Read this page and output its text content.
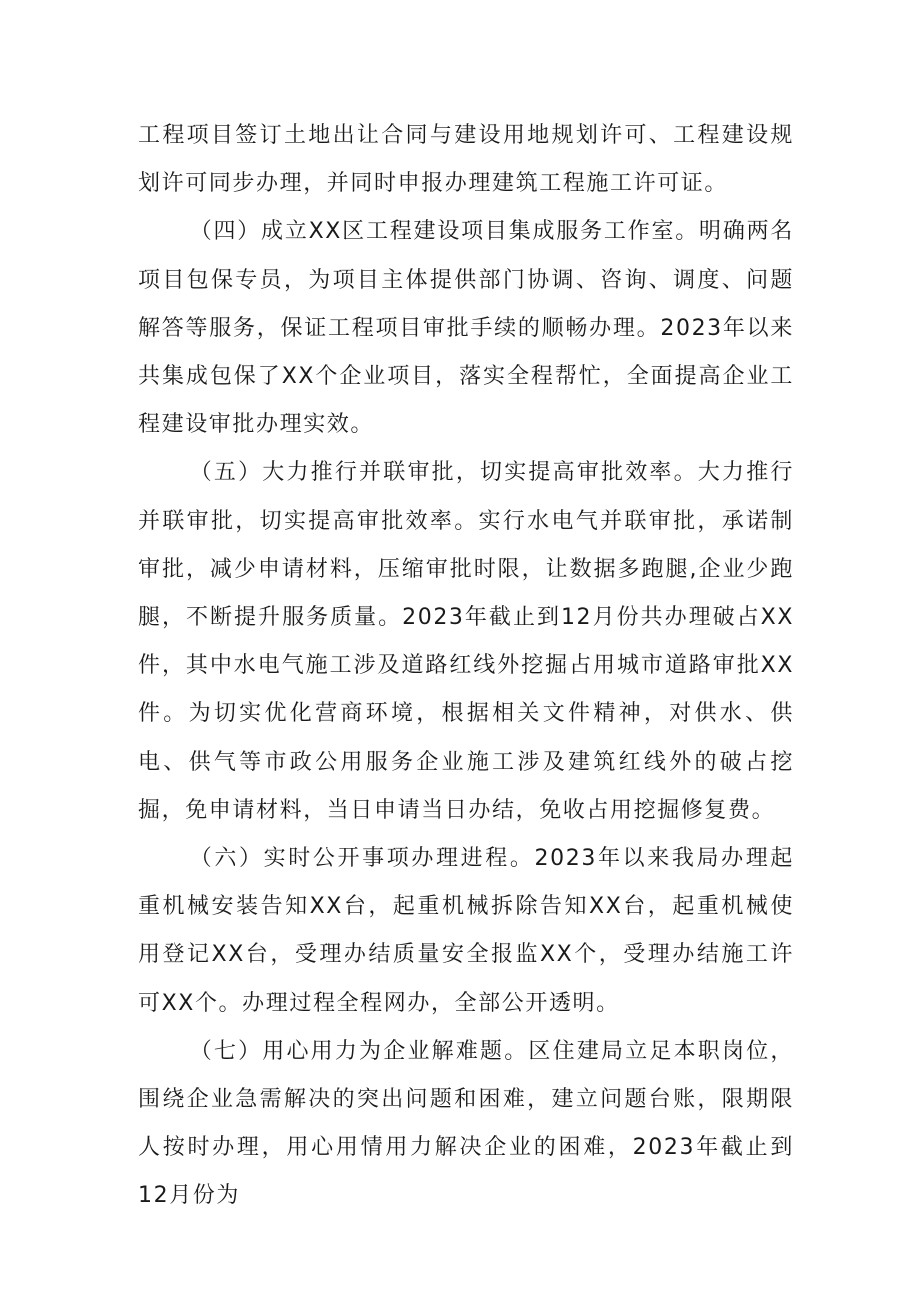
工程项目签订土地出让合同与建设用地规划许可、工程建设规划许可同步办理，并同时申报办理建筑工程施工许可证。

（四）成立XX区工程建设项目集成服务工作室。明确两名项目包保专员，为项目主体提供部门协调、咨询、调度、问题解答等服务，保证工程项目审批手续的顺畅办理。2023年以来共集成包保了XX个企业项目，落实全程帮忙，全面提高企业工程建设审批办理实效。

（五）大力推行并联审批，切实提高审批效率。大力推行并联审批，切实提高审批效率。实行水电气并联审批，承诺制审批，减少申请材料，压缩审批时限，让数据多跑腿,企业少跑腿，不断提升服务质量。2023年截止到12月份共办理破占XX件，其中水电气施工涉及道路红线外挖掘占用城市道路审批XX件。为切实优化营商环境，根据相关文件精神，对供水、供电、供气等市政公用服务企业施工涉及建筑红线外的破占挖掘，免申请材料，当日申请当日办结，免收占用挖掘修复费。

（六）实时公开事项办理进程。2023年以来我局办理起重机械安装告知XX台，起重机械拆除告知XX台，起重机械使用登记XX台，受理办结质量安全报监XX个，受理办结施工许可XX个。办理过程全程网办，全部公开透明。

（七）用心用力为企业解难题。区住建局立足本职岗位，围绕企业急需解决的突出问题和困难，建立问题台账，限期限人按时办理，用心用情用力解决企业的困难，2023年截止到12月份为
